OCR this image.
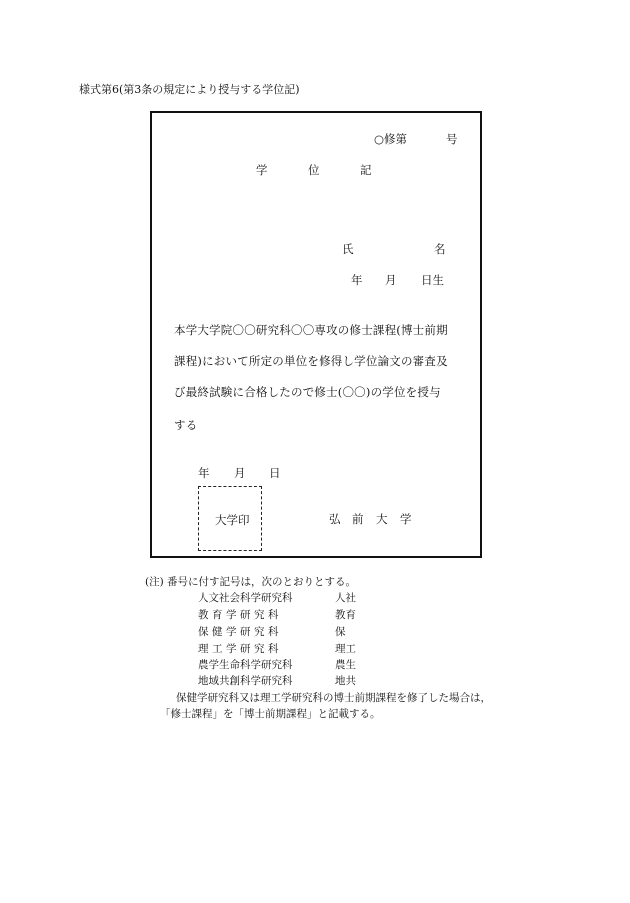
様式第6(第3条の規定により授与する学位記)
○修第	号
学	位	記
氏	名
年 月 日生
本学大学院〇〇研究科〇〇専攻の修士課程(博士前期
課程)において所定の単位を修得し学位論文の審査及
び最終試験に合格したので修士(〇〇)の学位を授与
する
年 月 日
大学印	弘 前 大 学
(注) 番号に付す記号は，次のとおりとする。
人文社会科学研究科	人社
教育学研究科	教育
保健学研究科	保
理工学研究科	理工
農学生命科学研究科	農生
地域共創科学研究科	地共
保健学研究科又は理工学研究科の博士前期課程を修了した場合は，
「修士課程」を「博士前期課程」と記載する。
